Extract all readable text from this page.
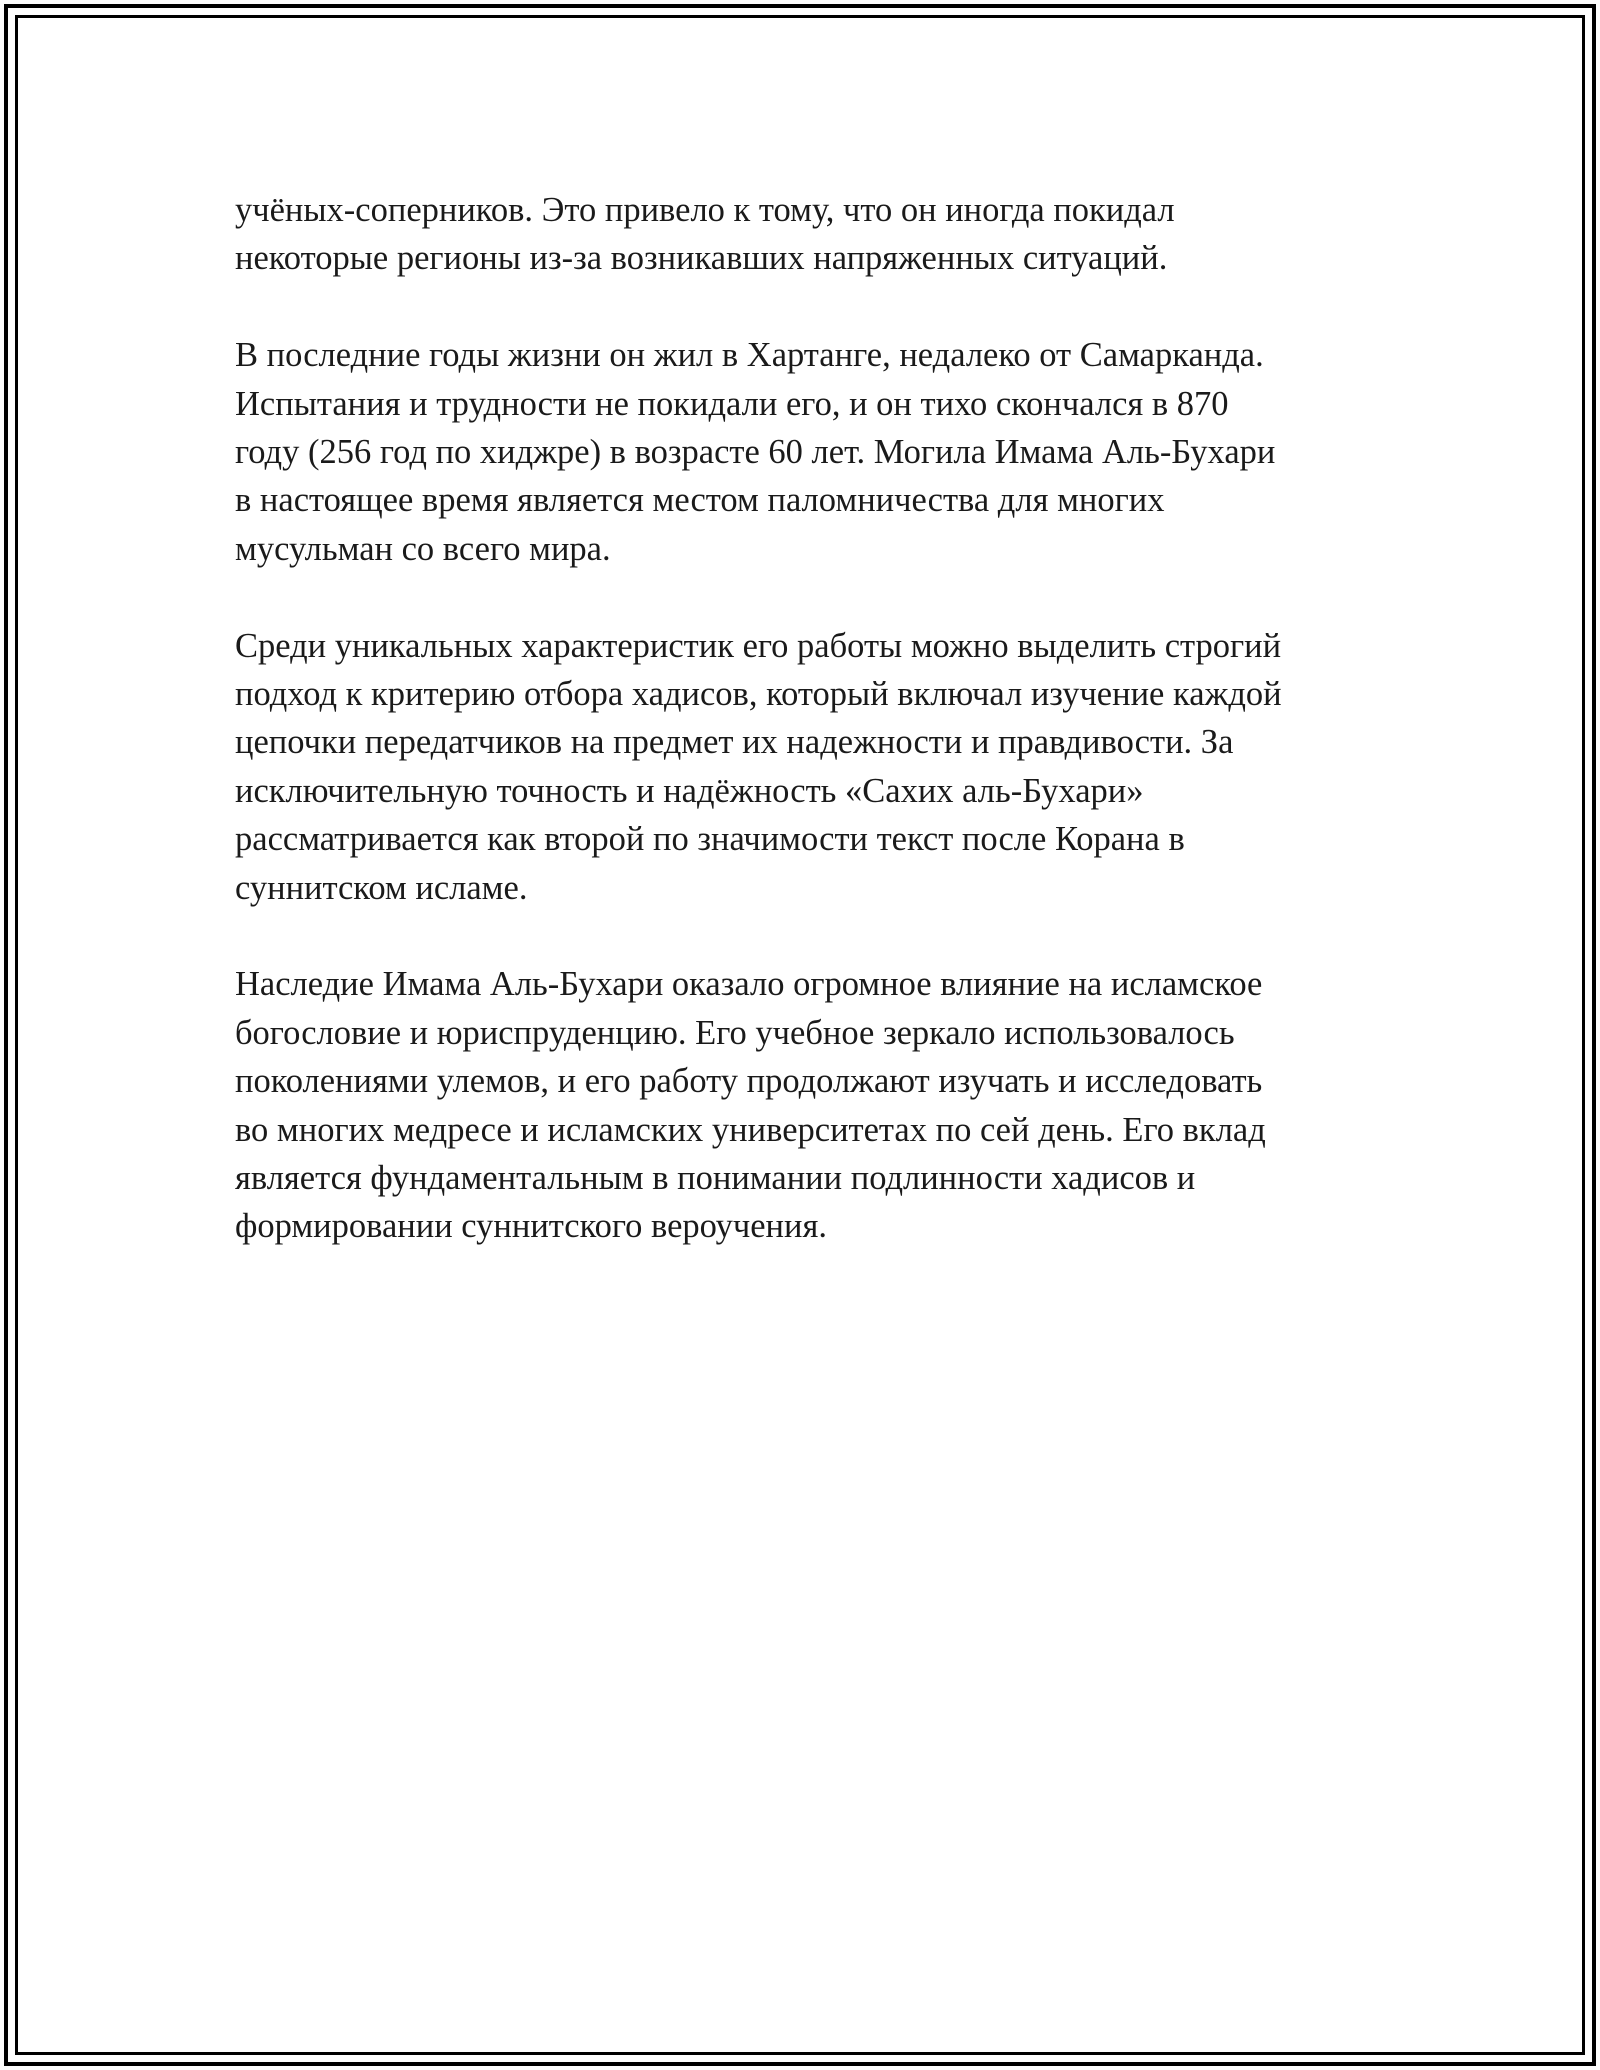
учёных-соперников. Это привело к тому, что он иногда покидал
некоторые регионы из-за возникавших напряженных ситуаций.

В последние годы жизни он жил в Хартанге, недалеко от Самарканда.
Испытания и трудности не покидали его, и он тихо скончался в 870
году (256 год по хиджре) в возрасте 60 лет. Могила Имама Аль-Бухари
в настоящее время является местом паломничества для многих
мусульман со всего мира.

Среди уникальных характеристик его работы можно выделить строгий
подход к критерию отбора хадисов, который включал изучение каждой
цепочки передатчиков на предмет их надежности и правдивости. За
исключительную точность и надёжность «Сахих аль-Бухари»
рассматривается как второй по значимости текст после Корана в
суннитском исламе.

Наследие Имама Аль-Бухари оказало огромное влияние на исламское
богословие и юриспруденцию. Его учебное зеркало использовалось
поколениями улемов, и его работу продолжают изучать и исследовать
во многих медресе и исламских университетах по сей день. Его вклад
является фундаментальным в понимании подлинности хадисов и
формировании суннитского вероучения.
